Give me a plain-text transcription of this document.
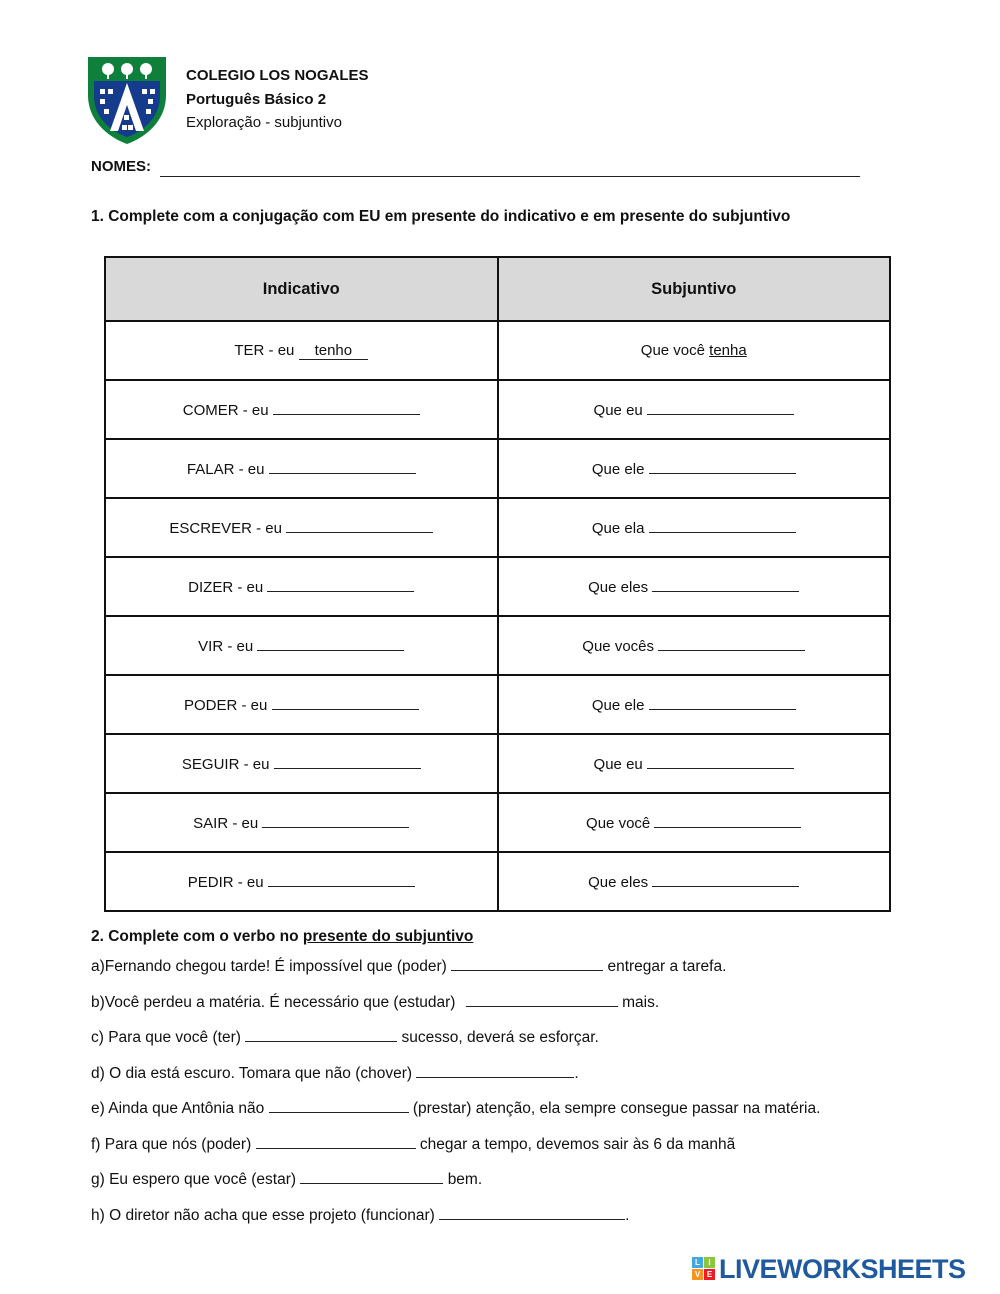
COLEGIO LOS NOGALES
Português Básico 2
Exploração - subjuntivo
NOMES:
1. Complete com a conjugação com EU em presente do indicativo e em presente do subjuntivo
Indicativo	Subjuntivo
TER - eu tenho	Que você tenha
COMER - eu	Que eu
FALAR - eu	Que ele
ESCREVER - eu	Que ela
DIZER - eu	Que eles
VIR - eu	Que vocês
PODER - eu	Que ele
SEGUIR - eu	Que eu
SAIR - eu	Que você
PEDIR - eu	Que eles
2. Complete com o verbo no presente do subjuntivo
a)Fernando chegou tarde! É impossível que (poder)	entregar a tarefa.
b)Você perdeu a matéria. É necessário que (estudar)	mais.
c) Para que você (ter)	sucesso, deverá se esforçar.
d) O dia está escuro. Tomara que não (chover)	.
e) Ainda que Antônia não	(prestar) atenção, ela sempre consegue passar na matéria.
f) Para que nós (poder)	chegar a tempo, devemos sair às 6 da manhã
g) Eu espero que você (estar)	bem.
h) O diretor não acha que esse projeto (funcionar)	.
L	I
V E LIVEWORKSHEETS
